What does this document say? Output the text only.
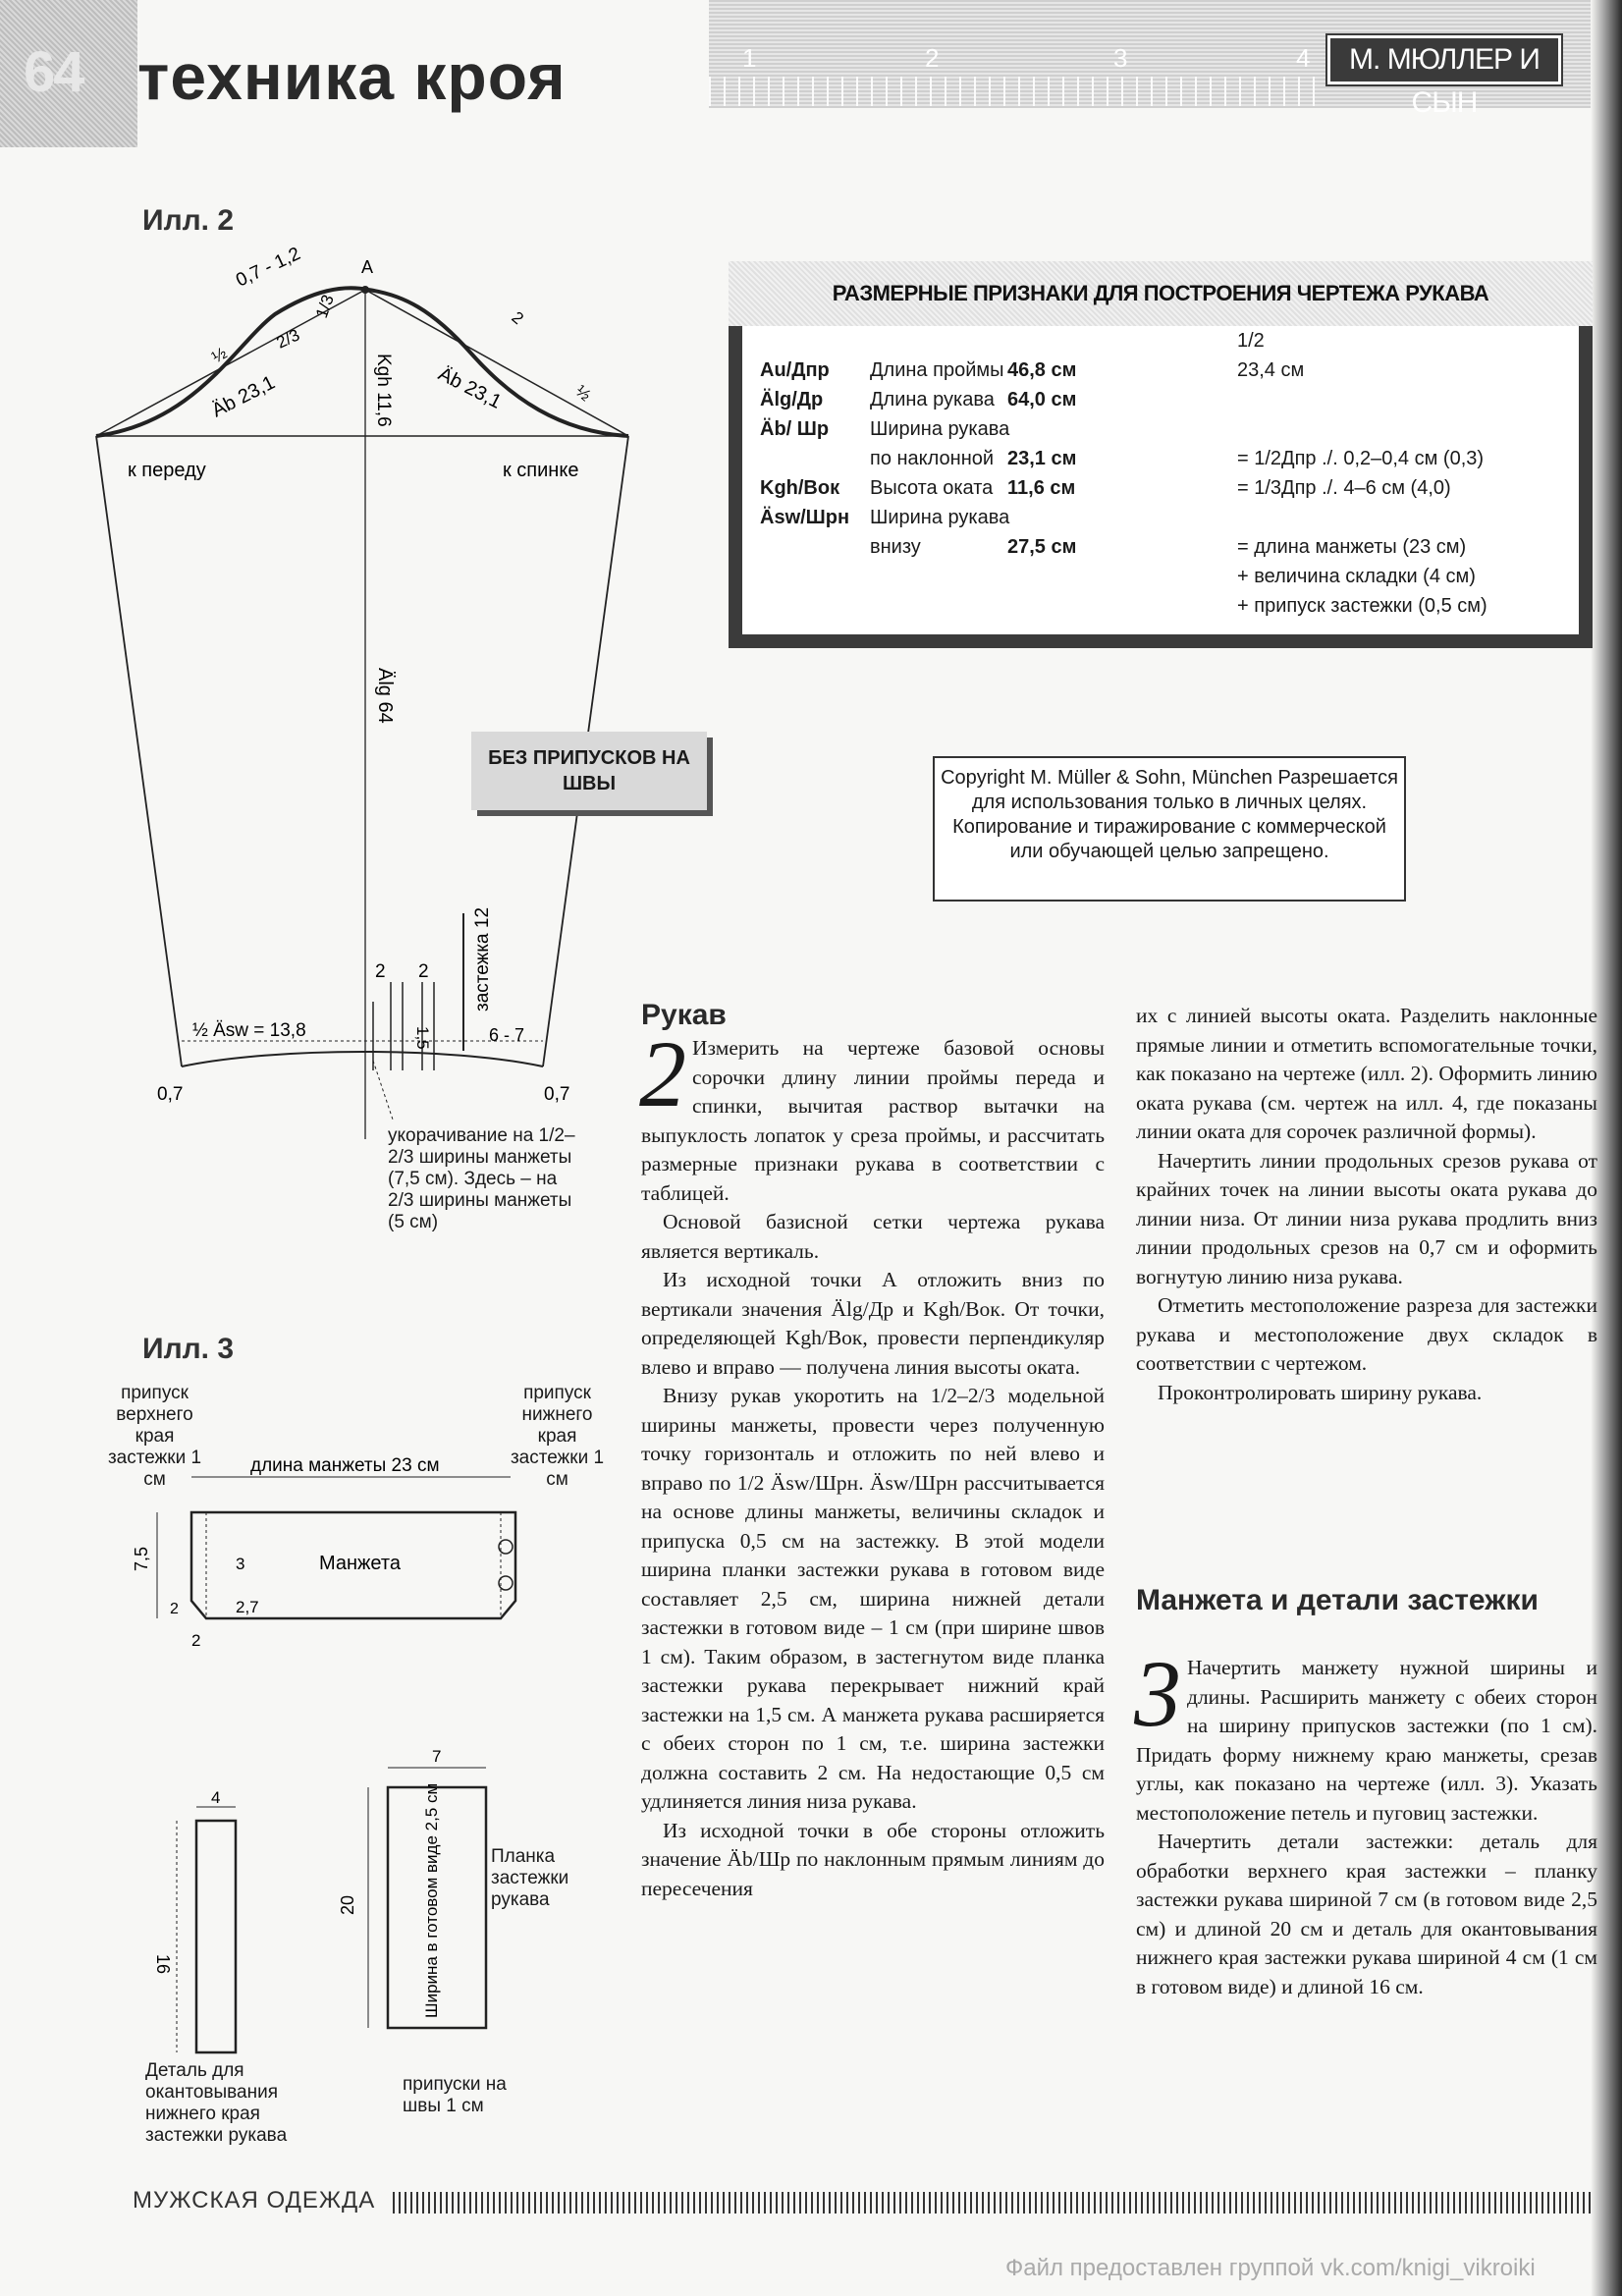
64 техника кроя	1	2	3	4	М. МЮЛЛЕР И СЫН
Илл. 2
0,7 - 1,2	A
1/3
2/3
½
½
2
Äb 23,1	Äb 23,1
Kgh 11,6
к переду	к спинке
Älg 64
½ Äsw = 13,8
0,7	0,7
2 2
1,5
застежка 12
6 - 7
укорачивание на 1/2–2/3 ширины манжеты (7,5 см). Здесь – на 2/3 ширины манжеты (5 см)
БЕЗ ПРИПУСКОВ НА ШВЫ
РАЗМЕРНЫЕ ПРИЗНАКИ ДЛЯ ПОСТРОЕНИЯ ЧЕРТЕЖА РУКАВА
1/2
Au/Дпр Длина проймы 46,8 см	23,4 см
Älg/Др Длина рукава 64,0 см
Äb/ Шр Ширина рукава
по наклонной 23,1 см	= 1/2Дпр ./. 0,2–0,4 см (0,3)
Kgh/Вок Высота оката 11,6 см	= 1/3Дпр ./. 4–6 см (4,0)
Äsw/Шрн Ширина рукава
внизу	27,5 см	= длина манжеты (23 см)
+ величина складки (4 см)
+ припуск застежки (0,5 см)
Copyright M. Müller & Sohn, München Разрешается для использования только в личных целях. Копирование и тиражирование с коммерческой или обучающей целью запрещено.
Илл. 3
припуск верхнего края застежки 1 см
припуск нижнего края застежки 1 см
длина манжеты 23 см
Манжета
7,5	3
2,7
2
2
4
16
7
20	Ширина в готовом виде 2,5 см	Планка застежки рукава
Деталь для окантовывания нижнего края застежки рукава
припуски на швы 1 см
Рукав

2 Измерить на чертеже базовой основы сорочки длину линии проймы переда и спинки, вычитая раствор вытачки на выпуклость лопаток у среза проймы, и рассчитать размерные признаки рукава в соответствии с таблицей.

Основой базисной сетки чертежа рукава является вертикаль.

Из исходной точки А отложить вниз по вертикали значения Älg/Др и Kgh/Вок. От точки, определяющей Kgh/Вок, провести перпендикуляр влево и вправо — получена линия высоты оката.

Внизу рукав укоротить на 1/2–2/3 модельной ширины манжеты, провести через полученную точку горизонталь и отложить по ней влево и вправо по 1/2 Äsw/Шрн. Äsw/Шрн рассчитывается на основе длины манжеты, величины складок и припуска 0,5 см на застежку. В этой модели ширина планки застежки рукава в готовом виде составляет 2,5 см, ширина нижней детали застежки в готовом виде – 1 см (при ширине швов 1 см). Таким образом, в застегнутом виде планка застежки рукава перекрывает нижний край застежки на 1,5 см. А манжета рукава расширяется с обеих сторон по 1 см, т.е. ширина застежки должна составить 2 см. На недостающие 0,5 см удлиняется линия низа рукава.

Из исходной точки в обе стороны отложить значение Äb/Шр по наклонным прямым линиям до пересечения

их с линией высоты оката. Разделить наклонные прямые линии и отметить вспомогательные точки, как показано на чертеже (илл. 2). Оформить линию оката рукава (см. чертеж на илл. 4, где показаны линии оката для сорочек различной формы).

Начертить линии продольных срезов рукава от крайних точек на линии высоты оката рукава до линии низа. От линии низа рукава продлить вниз линии продольных срезов на 0,7 см и оформить вогнутую линию низа рукава.

Отметить местоположение разреза для застежки рукава и местоположение двух складок в соответствии с чертежом.

Проконтролировать ширину рукава.

Манжета и детали застежки

3 Начертить манжету нужной ширины и длины. Расширить манжету с обеих сторон на ширину припусков застежки (по 1 см). Придать форму нижнему краю манжеты, срезав углы, как показано на чертеже (илл. 3). Указать местоположение петель и пуговиц застежки.

Начертить детали застежки: деталь для обработки верхнего края застежки – планку застежки рукава шириной 7 см (в готовом виде 2,5 см) и длиной 20 см и деталь для окантовывания нижнего края застежки рукава шириной 4 см (1 см в готовом виде) и длиной 16 см.

МУЖСКАЯ ОДЕЖДА
Файл предоставлен группой vk.com/knigi_vikroiki
